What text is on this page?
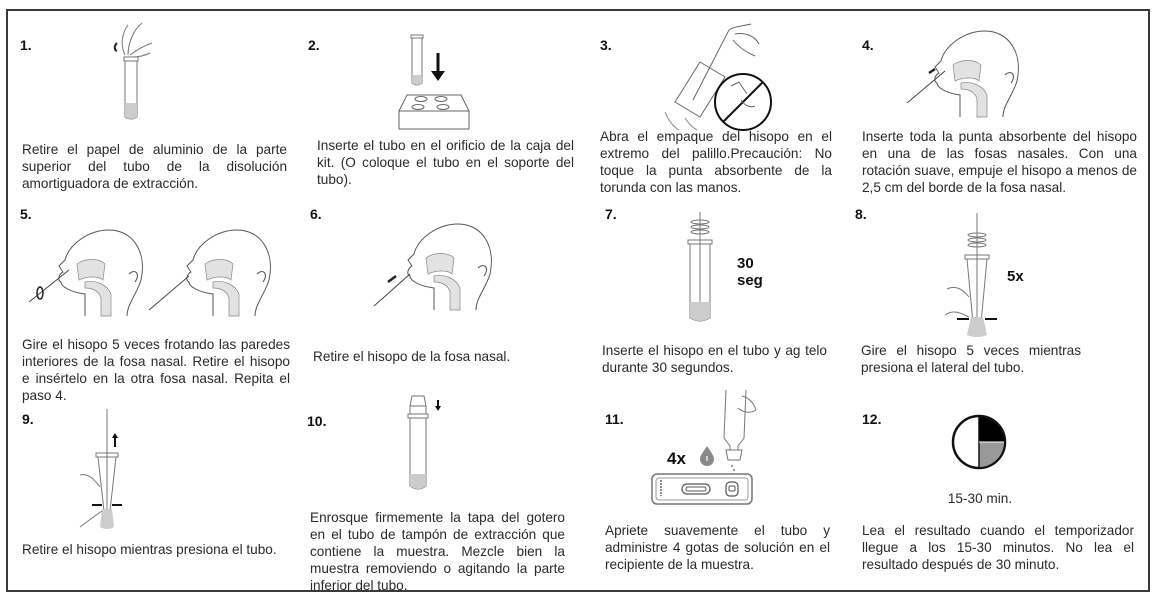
1.
Retire el papel de aluminio de la parte superior del tubo de la disolución amortiguadora de extracción.
2.
Inserte el tubo en el orificio de la caja del kit. (O coloque el tubo en el soporte del tubo).
3.
Abra el empaque del hisopo en el extremo del palillo.Precaución: No toque la punta absorbente de la torunda con las manos.
4.
Inserte toda la punta absorbente del hisopo en una de las fosas nasales. Con una rotación suave, empuje el hisopo a menos de 2,5 cm del borde de la fosa nasal.
5.
Gire el hisopo 5 veces frotando las paredes interiores de la fosa nasal. Retire el hisopo e insértelo en la otra fosa nasal. Repita el paso 4.
6.
Retire el hisopo de la fosa nasal.
7.
30 seg
Inserte el hisopo en el tubo y ag telo durante 30 segundos.
8.
5x
Gire el hisopo 5 veces mientras presiona el lateral del tubo.
9.
Retire el hisopo mientras presiona el tubo.
10.
Enrosque firmemente la tapa del gotero en el tubo de tampón de extracción que contiene la muestra. Mezcle bien la muestra removiendo o agitando la parte inferior del tubo.
11.
4x
Apriete suavemente el tubo y administre 4 gotas de solución en el recipiente de la muestra.
12.
15-30 min.
Lea el resultado cuando el temporizador llegue a los 15-30 minutos. No lea el resultado después de 30 minuto.
